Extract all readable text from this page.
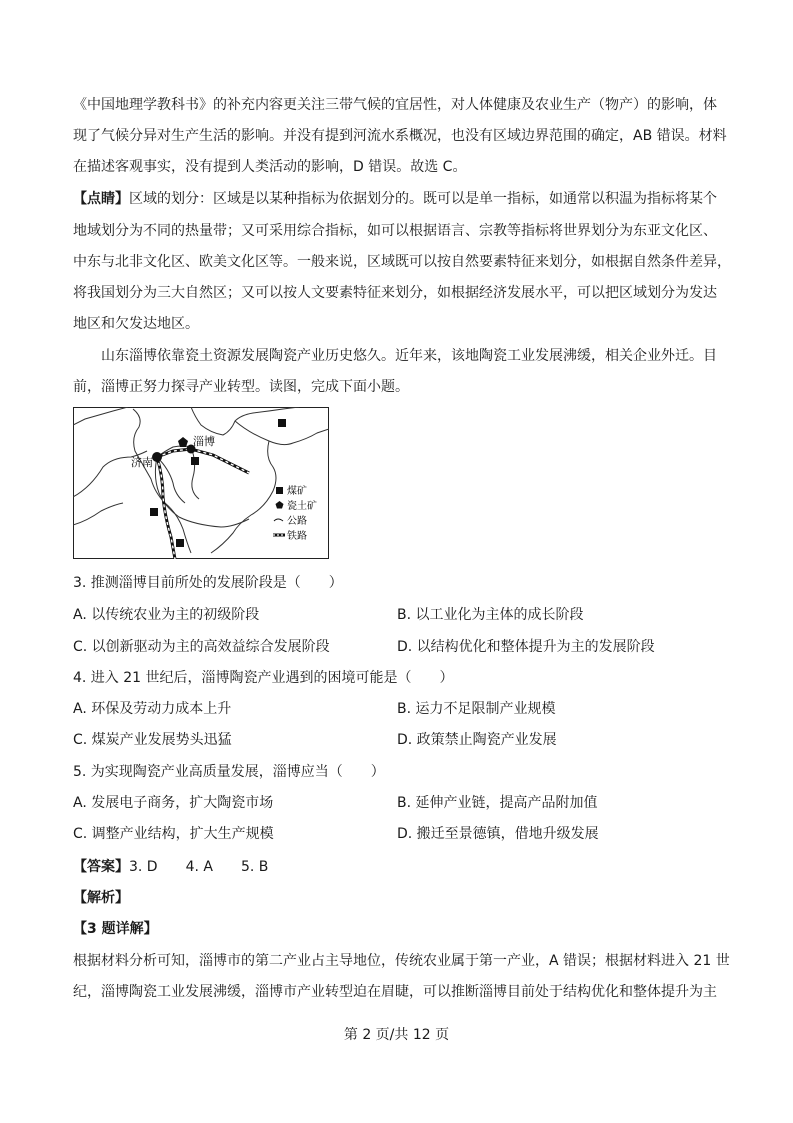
《中国地理学教科书》的补充内容更关注三带气候的宜居性，对人体健康及农业生产（物产）的影响，体
现了气候分异对生产生活的影响。并没有提到河流水系概况，也没有区域边界范围的确定，AB 错误。材料
在描述客观事实，没有提到人类活动的影响，D 错误。故选 C。
【点睛】区域的划分：区域是以某种指标为依据划分的。既可以是单一指标，如通常以积温为指标将某个
地域划分为不同的热量带；又可采用综合指标，如可以根据语言、宗教等指标将世界划分为东亚文化区、
中东与北非文化区、欧美文化区等。一般来说，区域既可以按自然要素特征来划分，如根据自然条件差异，
将我国划分为三大自然区；又可以按人文要素特征来划分，如根据经济发展水平，可以把区域划分为发达
地区和欠发达地区。
山东淄博依靠瓷土资源发展陶瓷产业历史悠久。近年来，该地陶瓷工业发展沸缓，相关企业外迁。目
前，淄博正努力探寻产业转型。读图，完成下面小题。
济南
淄博
煤矿
瓷土矿
公路
铁路
3. 推测淄博目前所处的发展阶段是（　　）
A. 以传统农业为主的初级阶段	B. 以工业化为主体的成长阶段
C. 以创新驱动为主的高效益综合发展阶段	D. 以结构优化和整体提升为主的发展阶段
4. 进入 21 世纪后，淄博陶瓷产业遇到的困境可能是（　　）
A. 环保及劳动力成本上升	B. 运力不足限制产业规模
C. 煤炭产业发展势头迅猛	D. 政策禁止陶瓷产业发展
5. 为实现陶瓷产业高质量发展，淄博应当（　　）
A. 发展电子商务，扩大陶瓷市场	B. 延伸产业链，提高产品附加值
C. 调整产业结构，扩大生产规模	D. 搬迁至景德镇，借地升级发展
【答案】3. D　　4. A　　5. B
【解析】
【3 题详解】
根据材料分析可知，淄博市的第二产业占主导地位，传统农业属于第一产业，A 错误；根据材料进入 21 世
纪，淄博陶瓷工业发展沸缓，淄博市产业转型迫在眉睫，可以推断淄博目前处于结构优化和整体提升为主
第 2 页/共 12 页
